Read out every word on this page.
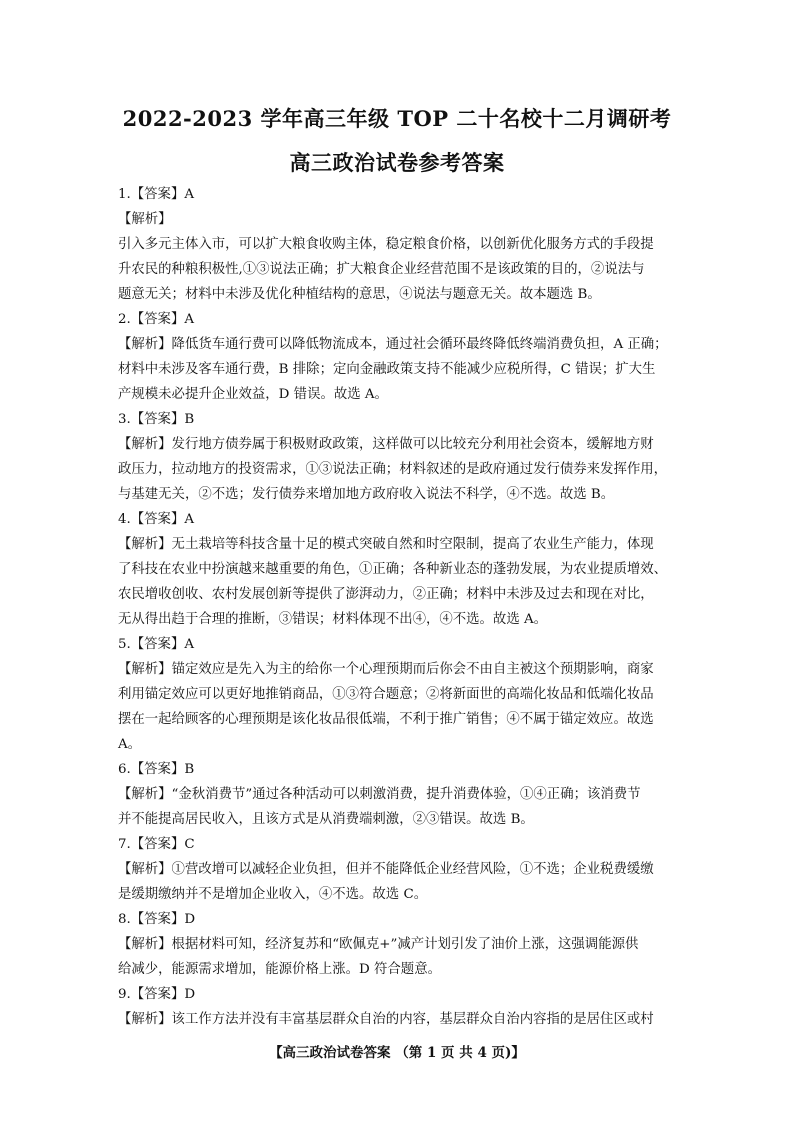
2022-2023 学年高三年级 TOP 二十名校十二月调研考
高三政治试卷参考答案

1.【答案】A

【解析】

引入多元主体入市，可以扩大粮食收购主体，稳定粮食价格，以创新优化服务方式的手段提

升农民的种粮积极性,①③说法正确；扩大粮食企业经营范围不是该政策的目的，②说法与

题意无关；材料中未涉及优化种植结构的意思，④说法与题意无关。故本题选 B。

2.【答案】A

【解析】降低货车通行费可以降低物流成本，通过社会循环最终降低终端消费负担，A 正确；

材料中未涉及客车通行费，B 排除；定向金融政策支持不能减少应税所得，C 错误；扩大生

产规模未必提升企业效益，D 错误。故选 A。

3.【答案】B

【解析】发行地方债券属于积极财政政策，这样做可以比较充分利用社会资本，缓解地方财

政压力，拉动地方的投资需求，①③说法正确；材料叙述的是政府通过发行债券来发挥作用，

与基建无关，②不选；发行债券来增加地方政府收入说法不科学，④不选。故选 B。

4.【答案】A

【解析】无土栽培等科技含量十足的模式突破自然和时空限制，提高了农业生产能力，体现

了科技在农业中扮演越来越重要的角色，①正确；各种新业态的蓬勃发展，为农业提质增效、

农民增收创收、农村发展创新等提供了澎湃动力，②正确；材料中未涉及过去和现在对比，

无从得出趋于合理的推断，③错误；材料体现不出④，④不选。故选 A。

5.【答案】A

【解析】锚定效应是先入为主的给你一个心理预期而后你会不由自主被这个预期影响，商家

利用锚定效应可以更好地推销商品，①③符合题意；②将新面世的高端化妆品和低端化妆品

摆在一起给顾客的心理预期是该化妆品很低端，不利于推广销售；④不属于锚定效应。故选

A。

6.【答案】B

【解析】“金秋消费节”通过各种活动可以刺激消费，提升消费体验，①④正确；该消费节

并不能提高居民收入，且该方式是从消费端刺激，②③错误。故选 B。

7.【答案】C

【解析】①营改增可以减轻企业负担，但并不能降低企业经营风险，①不选；企业税费缓缴

是缓期缴纳并不是增加企业收入，④不选。故选 C。

8.【答案】D

【解析】根据材料可知，经济复苏和“欧佩克+”减产计划引发了油价上涨，这强调能源供

给减少，能源需求增加，能源价格上涨。D 符合题意。

9.【答案】D

【解析】该工作方法并没有丰富基层群众自治的内容，基层群众自治内容指的是居住区或村

【高三政治试卷答案 （第 1 页 共 4 页)】
